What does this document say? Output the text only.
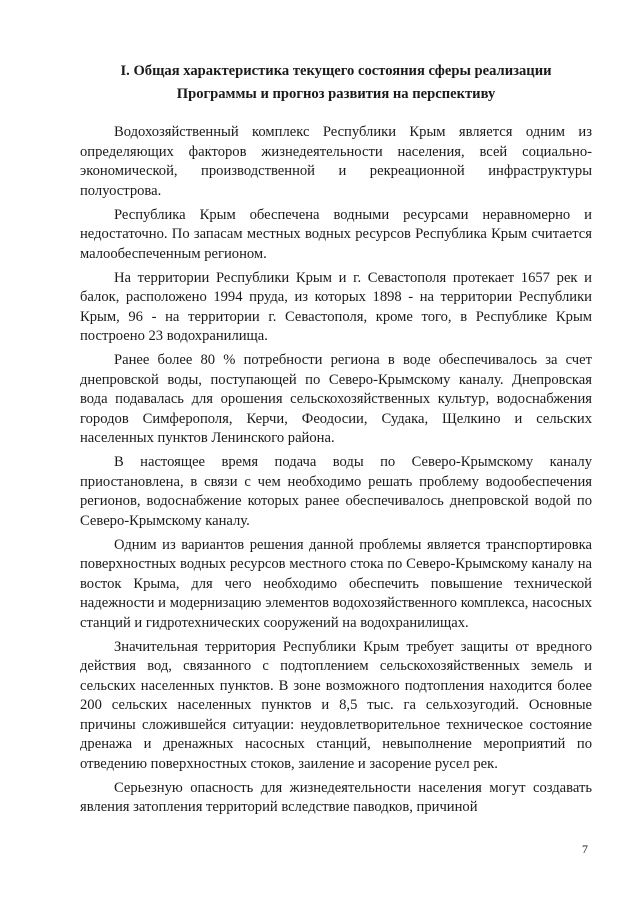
I. Общая характеристика текущего состояния сферы реализации
Программы и прогноз развития на перспективу

Водохозяйственный комплекс Республики Крым является одним из определяющих факторов жизнедеятельности населения, всей социально-экономической, производственной и рекреационной инфраструктуры полуострова.

Республика Крым обеспечена водными ресурсами неравномерно и недостаточно. По запасам местных водных ресурсов Республика Крым считается малообеспеченным регионом.

На территории Республики Крым и г. Севастополя протекает 1657 рек и балок, расположено 1994 пруда, из которых 1898 - на территории Республики Крым, 96 - на территории г. Севастополя, кроме того, в Республике Крым построено 23 водохранилища.

Ранее более 80 % потребности региона в воде обеспечивалось за счет днепровской воды, поступающей по Северо-Крымскому каналу. Днепровская вода подавалась для орошения сельскохозяйственных культур, водоснабжения городов Симферополя, Керчи, Феодосии, Судака, Щелкино и сельских населенных пунктов Ленинского района.

В настоящее время подача воды по Северо-Крымскому каналу приостановлена, в связи с чем необходимо решать проблему водообеспечения регионов, водоснабжение которых ранее обеспечивалось днепровской водой по Северо-Крымскому каналу.

Одним из вариантов решения данной проблемы является транспортировка поверхностных водных ресурсов местного стока по Северо-Крымскому каналу на восток Крыма, для чего необходимо обеспечить повышение технической надежности и модернизацию элементов водохозяйственного комплекса, насосных станций и гидротехнических сооружений на водохранилищах.

Значительная территория Республики Крым требует защиты от вредного действия вод, связанного с подтоплением сельскохозяйственных земель и сельских населенных пунктов. В зоне возможного подтопления находится более 200 сельских населенных пунктов и 8,5 тыс. га сельхозугодий. Основные причины сложившейся ситуации: неудовлетворительное техническое состояние дренажа и дренажных насосных станций, невыполнение мероприятий по отведению поверхностных стоков, заиление и засорение русел рек.

Серьезную опасность для жизнедеятельности населения могут создавать явления затопления территорий вследствие паводков, причиной

7
